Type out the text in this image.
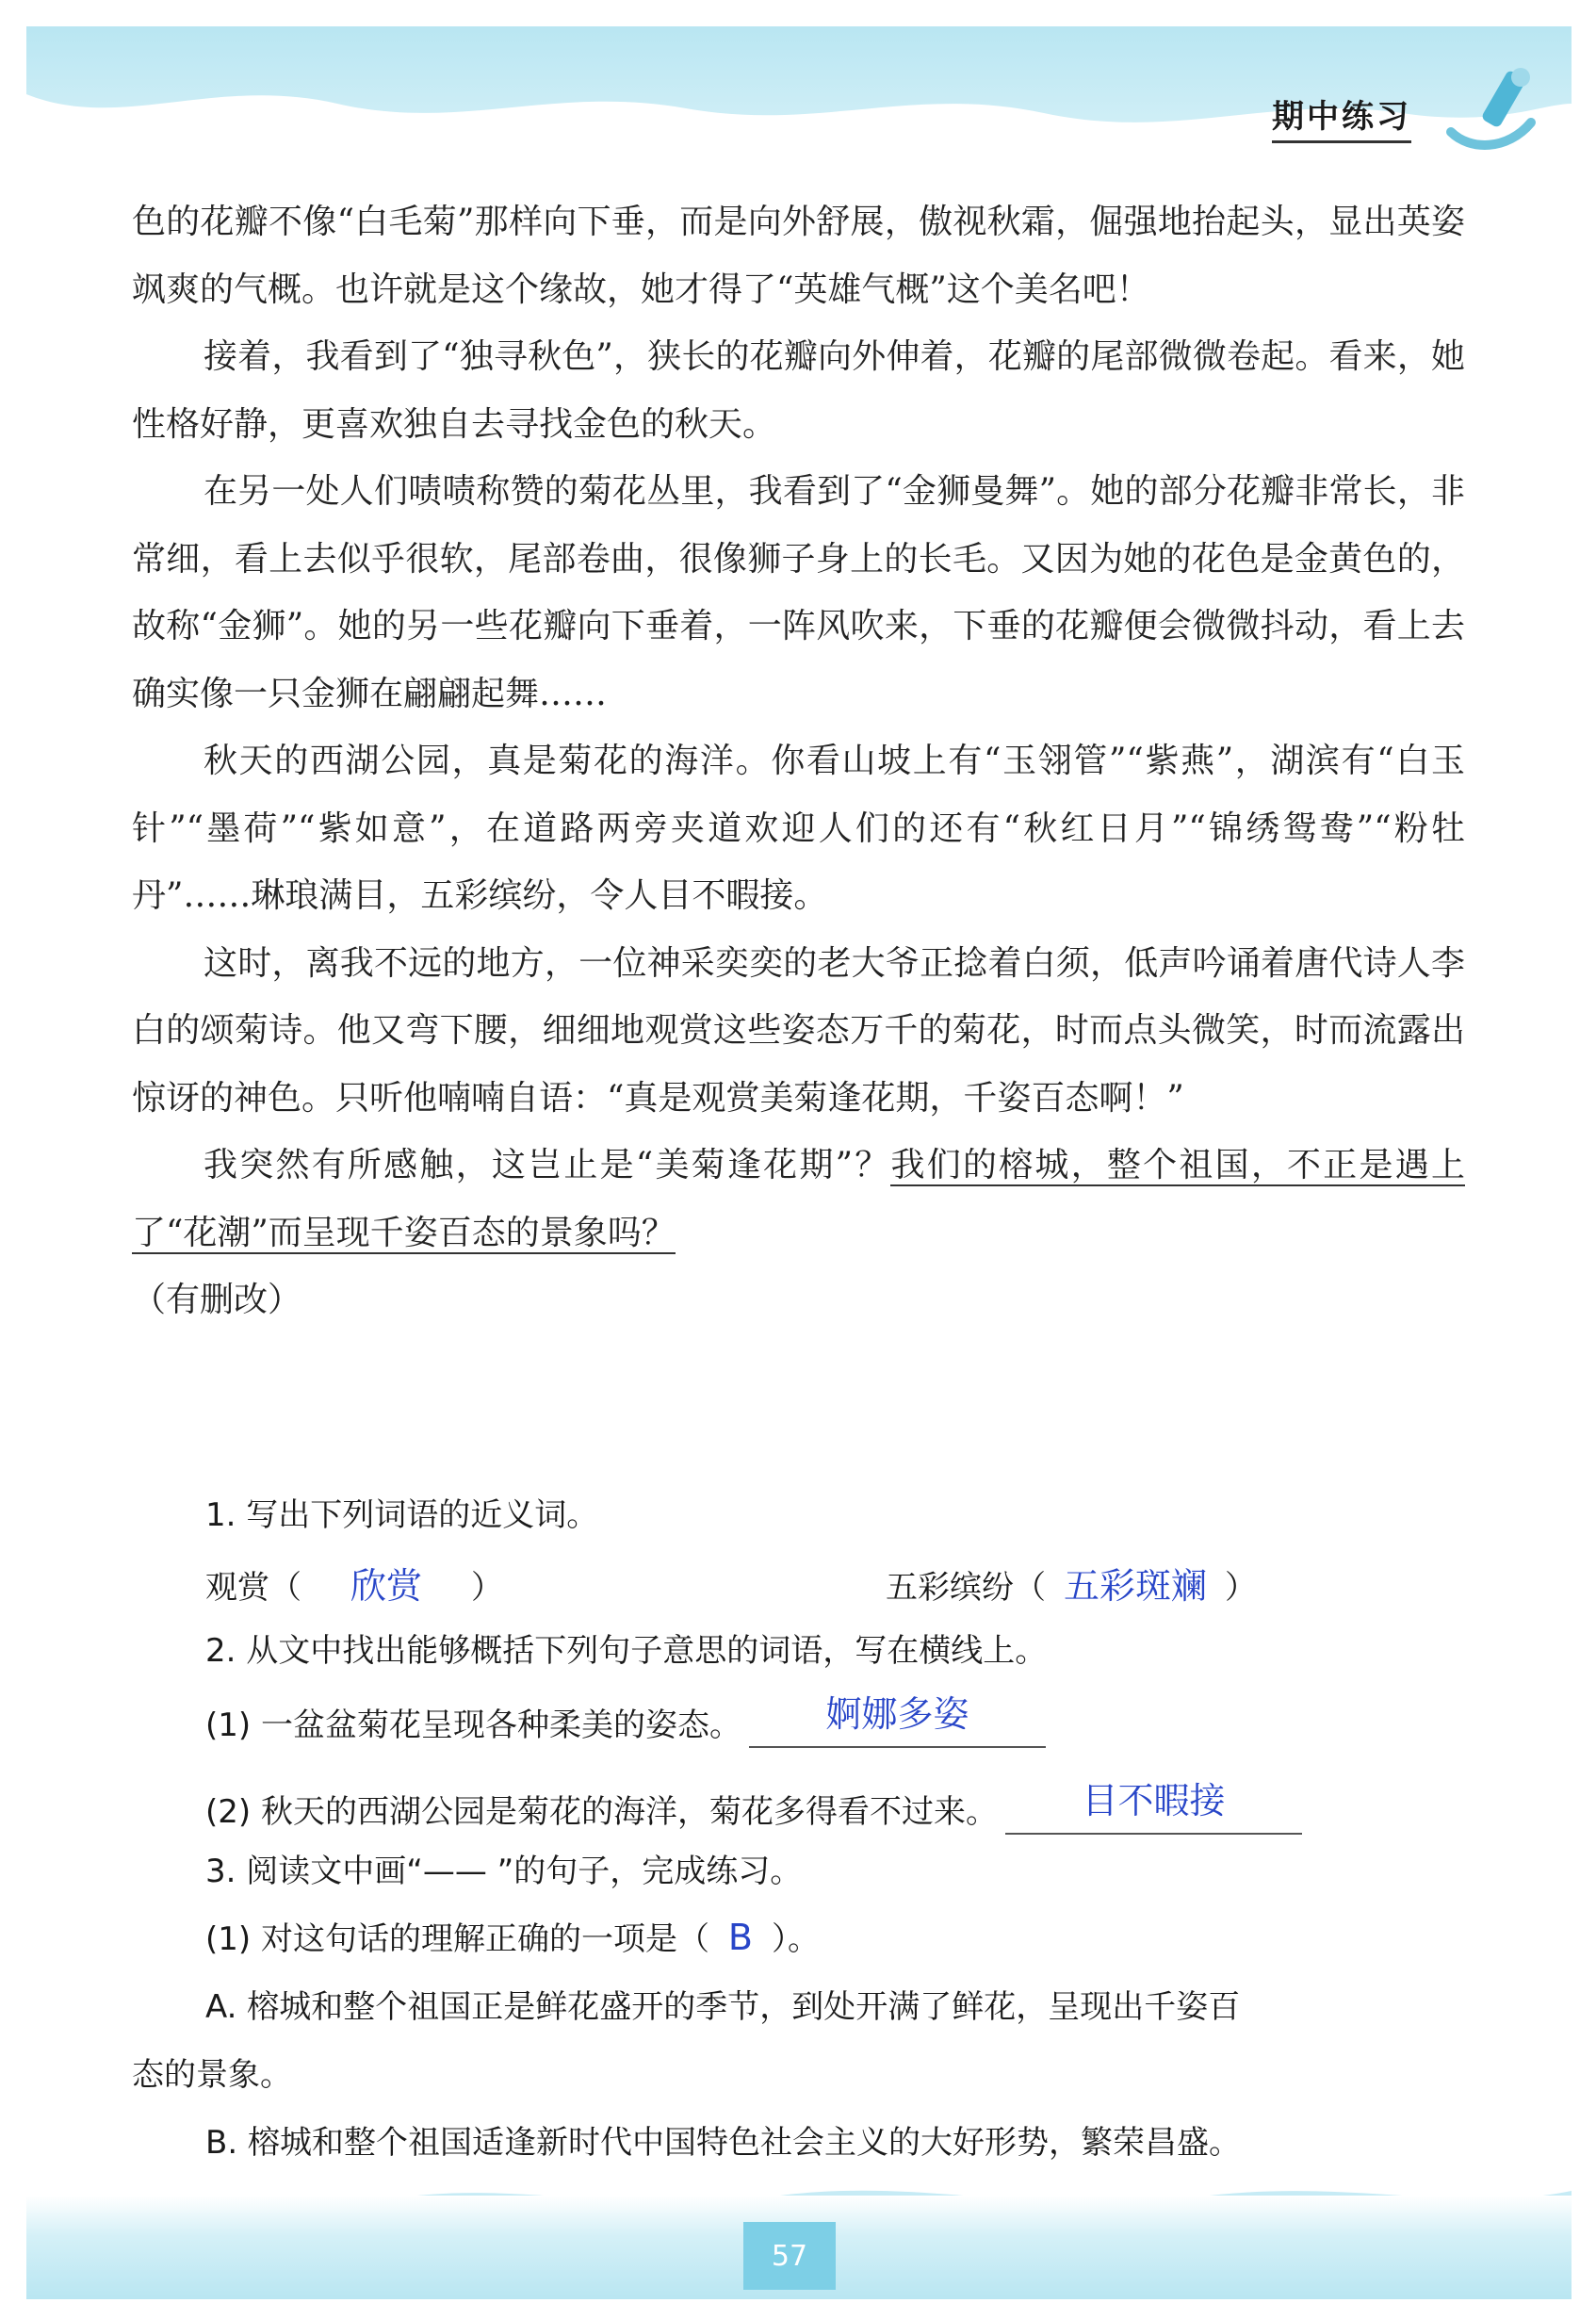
期中练习

色的花瓣不像“白毛菊”那样向下垂，而是向外舒展，傲视秋霜，倔强地抬起头，显出英姿飒爽的气概。也许就是这个缘故，她才得了“英雄气概”这个美名吧！

接着，我看到了“独寻秋色”，狭长的花瓣向外伸着，花瓣的尾部微微卷起。看来，她性格好静，更喜欢独自去寻找金色的秋天。

在另一处人们啧啧称赞的菊花丛里，我看到了“金狮曼舞”。她的部分花瓣非常长，非常细，看上去似乎很软，尾部卷曲，很像狮子身上的长毛。又因为她的花色是金黄色的，故称“金狮”。她的另一些花瓣向下垂着，一阵风吹来，下垂的花瓣便会微微抖动，看上去确实像一只金狮在翩翩起舞……

秋天的西湖公园，真是菊花的海洋。你看山坡上有“玉翎管”“紫燕”，湖滨有“白玉针”“墨荷”“紫如意”，在道路两旁夹道欢迎人们的还有“秋红日月”“锦绣鸳鸯”“粉牡丹”……琳琅满目，五彩缤纷，令人目不暇接。

这时，离我不远的地方，一位神采奕奕的老大爷正捻着白须，低声吟诵着唐代诗人李白的颂菊诗。他又弯下腰，细细地观赏这些姿态万千的菊花，时而点头微笑，时而流露出惊讶的神色。只听他喃喃自语：“真是观赏美菊逢花期，千姿百态啊！”

我突然有所感触，这岂止是“美菊逢花期”？我们的榕城，整个祖国，不正是遇上了“花潮”而呈现千姿百态的景象吗？

（有删改）

1. 写出下列词语的近义词。
观赏（ 欣赏 ）	五彩缤纷（ 五彩斑斓 ）
2. 从文中找出能够概括下列句子意思的词语，写在横线上。
(1) 一盆盆菊花呈现各种柔美的姿态。 婀娜多姿
(2) 秋天的西湖公园是菊花的海洋，菊花多得看不过来。 目不暇接
3. 阅读文中画“—— ”的句子，完成练习。
(1) 对这句话的理解正确的一项是（ B ）。
A. 榕城和整个祖国正是鲜花盛开的季节，到处开满了鲜花，呈现出千姿百
态的景象。
B. 榕城和整个祖国适逢新时代中国特色社会主义的大好形势，繁荣昌盛。
57
